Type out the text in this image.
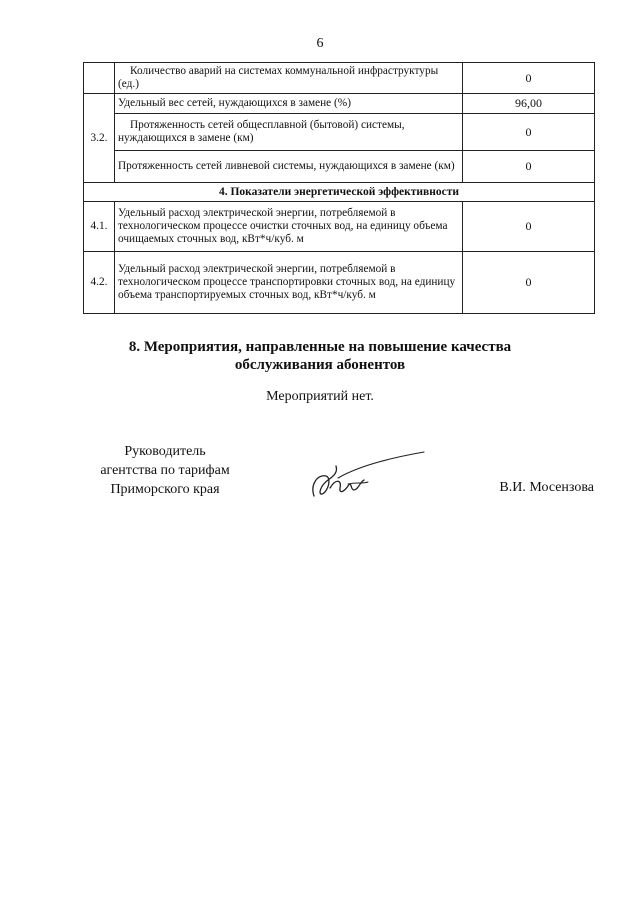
6
	Количество аварий на системах коммунальной инфраструктуры (ед.)	0
3.2.	Удельный вес сетей, нуждающихся в замене (%)	96,00
	Протяженность сетей общесплавной (бытовой) системы, нуждающихся в замене (км)	0
	Протяженность сетей ливневой системы, нуждающихся в замене (км)	0
4. Показатели энергетической эффективности		
4.1.	Удельный расход электрической энергии, потребляемой в технологическом процессе очистки сточных вод, на единицу объема очищаемых сточных вод, кВт*ч/куб. м	0
4.2.	Удельный расход электрической энергии, потребляемой в технологическом процессе транспортировки сточных вод, на единицу объема транспортируемых сточных вод, кВт*ч/куб. м	0
8. Мероприятия, направленные на повышение качества
обслуживания абонентов
Мероприятий нет.
Руководитель
агентства по тарифам
Приморского края	В.И. Мосензова
